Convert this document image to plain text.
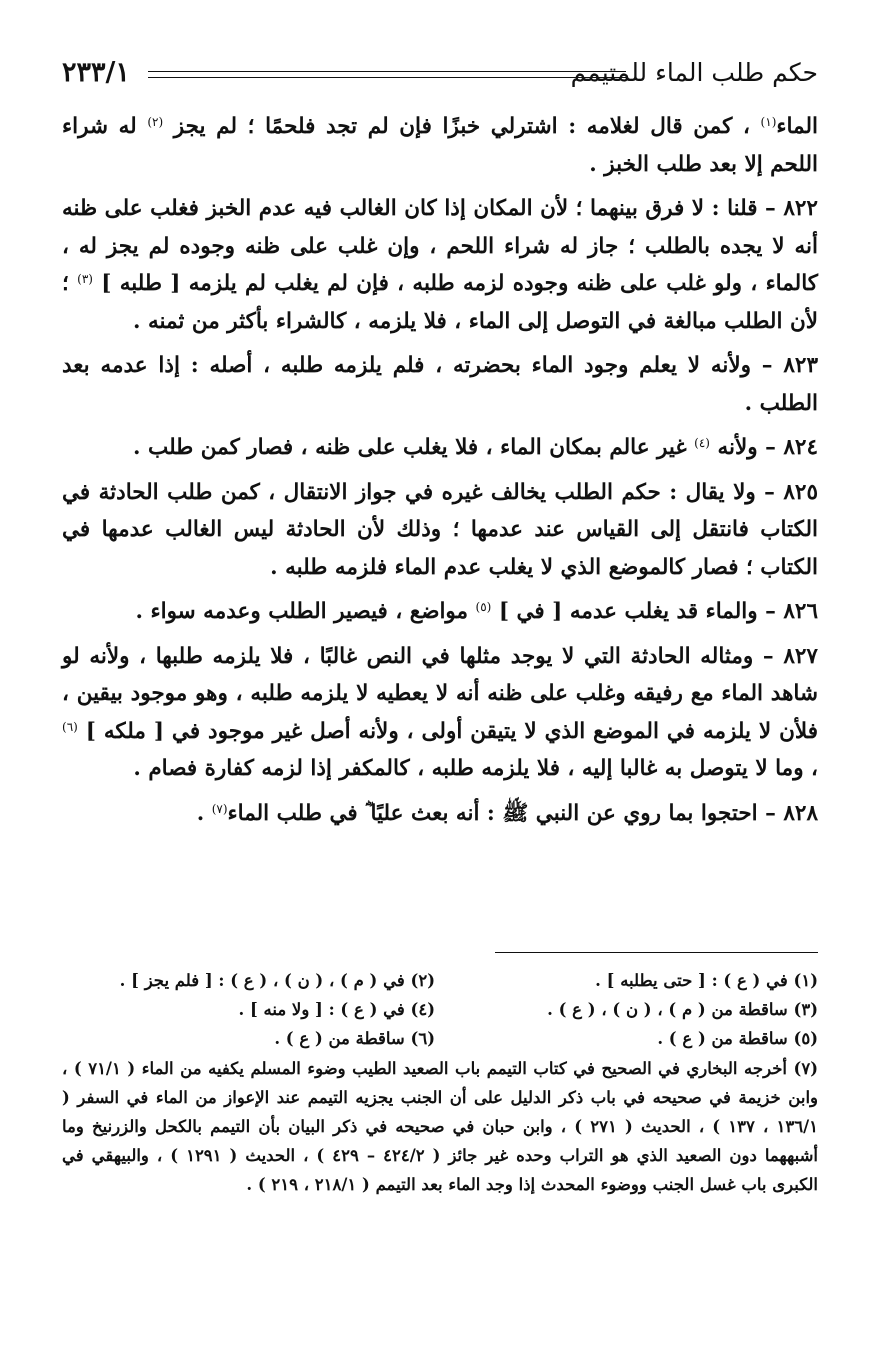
٢٣٣/١	حكم طلب الماء للمتيمم

الماء$^{(١)}$ ، كمن قال لغلامه : اشترلي خبزًا فإن لم تجد فلحمًا ؛ لم يجز $^{(٢)}$ له شراء اللحم إلا بعد طلب الخبز .

٨٢٢ – قلنا : لا فرق بينهما ؛ لأن المكان إذا كان الغالب فيه عدم الخبز فغلب على ظنه أنه لا يجده بالطلب ؛ جاز له شراء اللحم ، وإن غلب على ظنه وجوده لم يجز له ، كالماء ، ولو غلب على ظنه وجوده لزمه طلبه ، فإن لم يغلب لم يلزمه [ طلبه ] $^{(٣)}$ ؛ لأن الطلب مبالغة في التوصل إلى الماء ، فلا يلزمه ، كالشراء بأكثر من ثمنه .

٨٢٣ – ولأنه لا يعلم وجود الماء بحضرته ، فلم يلزمه طلبه ، أصله : إذا عدمه بعد الطلب .

٨٢٤ – ولأنه $^{(٤)}$ غير عالم بمكان الماء ، فلا يغلب على ظنه ، فصار كمن طلب .

٨٢٥ – ولا يقال : حكم الطلب يخالف غيره في جواز الانتقال ، كمن طلب الحادثة في الكتاب فانتقل إلى القياس عند عدمها ؛ وذلك لأن الحادثة ليس الغالب عدمها في الكتاب ؛ فصار كالموضع الذي لا يغلب عدم الماء فلزمه طلبه .

٨٢٦ – والماء قد يغلب عدمه [ في ] $^{(٥)}$ مواضع ، فيصير الطلب وعدمه سواء .

٨٢٧ – ومثاله الحادثة التي لا يوجد مثلها في النص غالبًا ، فلا يلزمه طلبها ، ولأنه لو شاهد الماء مع رفيقه وغلب على ظنه أنه لا يعطيه لا يلزمه طلبه ، وهو موجود بيقين ، فلأن لا يلزمه في الموضع الذي لا يتيقن أولى ، ولأنه أصل غير موجود في [ ملكه ] $^{(٦)}$ ، وما لا يتوصل به غالبا إليه ، فلا يلزمه طلبه ، كالمكفر إذا لزمه كفارة فصام .

٨٢٨ – احتجوا بما روي عن النبي ﷺ : أنه بعث عليًا ؓ في طلب الماء$^{(٧)}$ .

(١) في ( ع ) : [ حتى يطلبه ] .
(٢) في ( م ) ، ( ن ) ، ( ع ) : [ فلم يجز ] .
(٣) ساقطة من ( م ) ، ( ن ) ، ( ع ) .
(٤) في ( ع ) : [ ولا منه ] .
(٥) ساقطة من ( ع ) .
(٦) ساقطة من ( ع ) .
(٧) أخرجه البخاري في الصحيح في كتاب التيمم باب الصعيد الطيب وضوء المسلم يكفيه من الماء ( ٧١/١ ) ، وابن خزيمة في صحيحه في باب ذكر الدليل على أن الجنب يجزيه التيمم عند الإعواز من الماء في السفر ( ١٣٦/١ ، ١٣٧ ) ، الحديث ( ٢٧١ ) ، وابن حبان في صحيحه في ذكر البيان بأن التيمم بالكحل والزرنيخ وما أشبههما دون الصعيد الذي هو التراب وحده غير جائز ( ٤٢٤/٢ – ٤٢٩ ) ، الحديث ( ١٢٩١ ) ، والبيهقي في الكبرى باب غسل الجنب ووضوء المحدث إذا وجد الماء بعد التيمم ( ٢١٨/١ ، ٢١٩ ) .
